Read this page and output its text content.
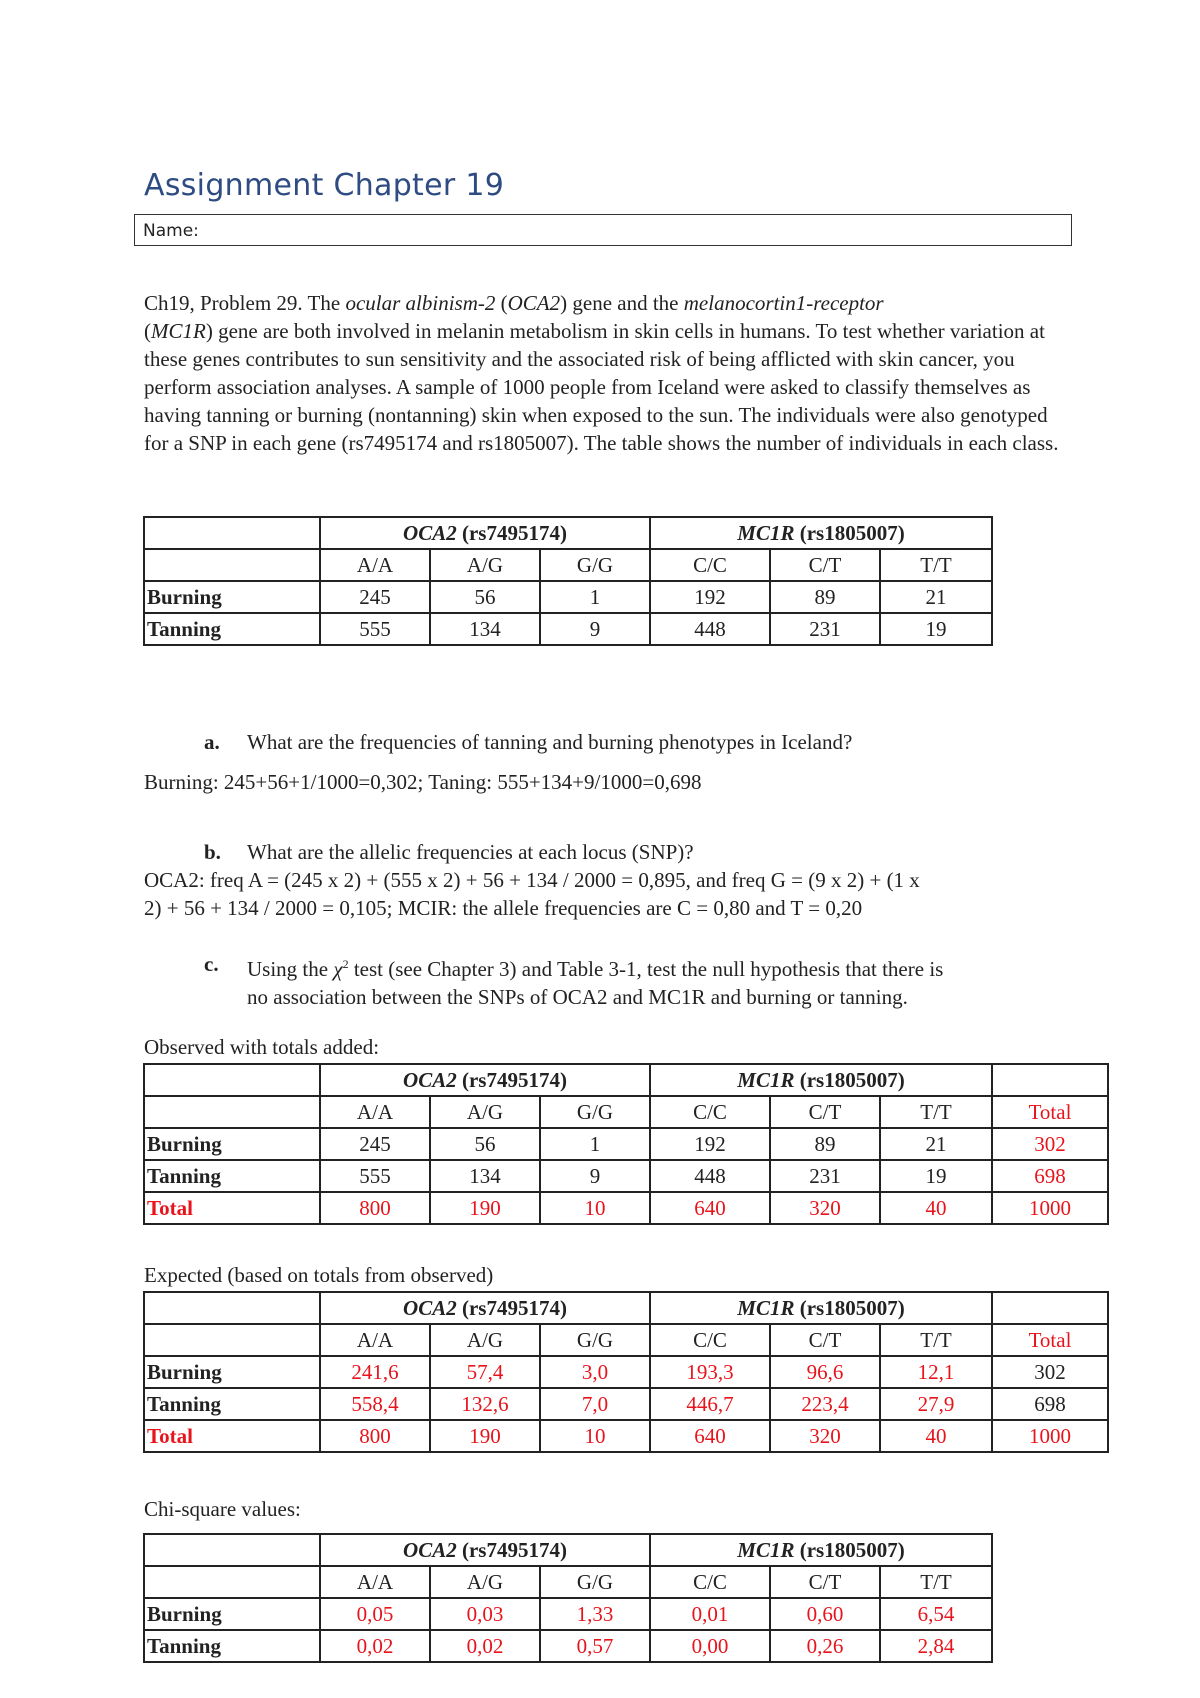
Assignment Chapter 19
Name:

Ch19, Problem 29. The ocular albinism-2 (OCA2) gene and the melanocortin1-receptor
(MC1R) gene are both involved in melanin metabolism in skin cells in humans. To test whether variation at these genes contributes to sun sensitivity and the associated risk of being afflicted with skin cancer, you perform association analyses. A sample of 1000 people from Iceland were asked to classify themselves as having tanning or burning (nontanning) skin when exposed to the sun. The individuals were also genotyped for a SNP in each gene (rs7495174 and rs1805007). The table shows the number of individuals in each class.

	OCA2 (rs7495174)			MC1R (rs1805007)		
	A/A	A/G	G/G	C/C	C/T	T/T
Burning	245	56	1	192	89	21
Tanning	555	134	9	448	231	19
a. What are the frequencies of tanning and burning phenotypes in Iceland?
Burning: 245+56+1/1000=0,302; Taning: 555+134+9/1000=0,698
b. What are the allelic frequencies at each locus (SNP)?
OCA2: freq A = (245 x 2) + (555 x 2) + 56 + 134 / 2000 = 0,895, and freq G = (9 x 2) + (1 x
2) + 56 + 134 / 2000 = 0,105; MCIR: the allele frequencies are C = 0,80 and T = 0,20
c. Using the $\chi^2$ test (see Chapter 3) and Table 3-1, test the null hypothesis that there is
no association between the SNPs of OCA2 and MC1R and burning or tanning.
Observed with totals added:
	OCA2 (rs7495174)			MC1R (rs1805007)			
	A/A	A/G	G/G	C/C	C/T	T/T	Total
Burning	245	56	1	192	89	21	302
Tanning	555	134	9	448	231	19	698
Total	800	190	10	640	320	40	1000
Expected (based on totals from observed)
	OCA2 (rs7495174)			MC1R (rs1805007)			
	A/A	A/G	G/G	C/C	C/T	T/T	Total
Burning	241,6	57,4	3,0	193,3	96,6	12,1	302
Tanning	558,4	132,6	7,0	446,7	223,4	27,9	698
Total	800	190	10	640	320	40	1000
Chi-square values:
	OCA2 (rs7495174)			MC1R (rs1805007)		
	A/A	A/G	G/G	C/C	C/T	T/T
Burning	0,05	0,03	1,33	0,01	0,60	6,54
Tanning	0,02	0,02	0,57	0,00	0,26	2,84
